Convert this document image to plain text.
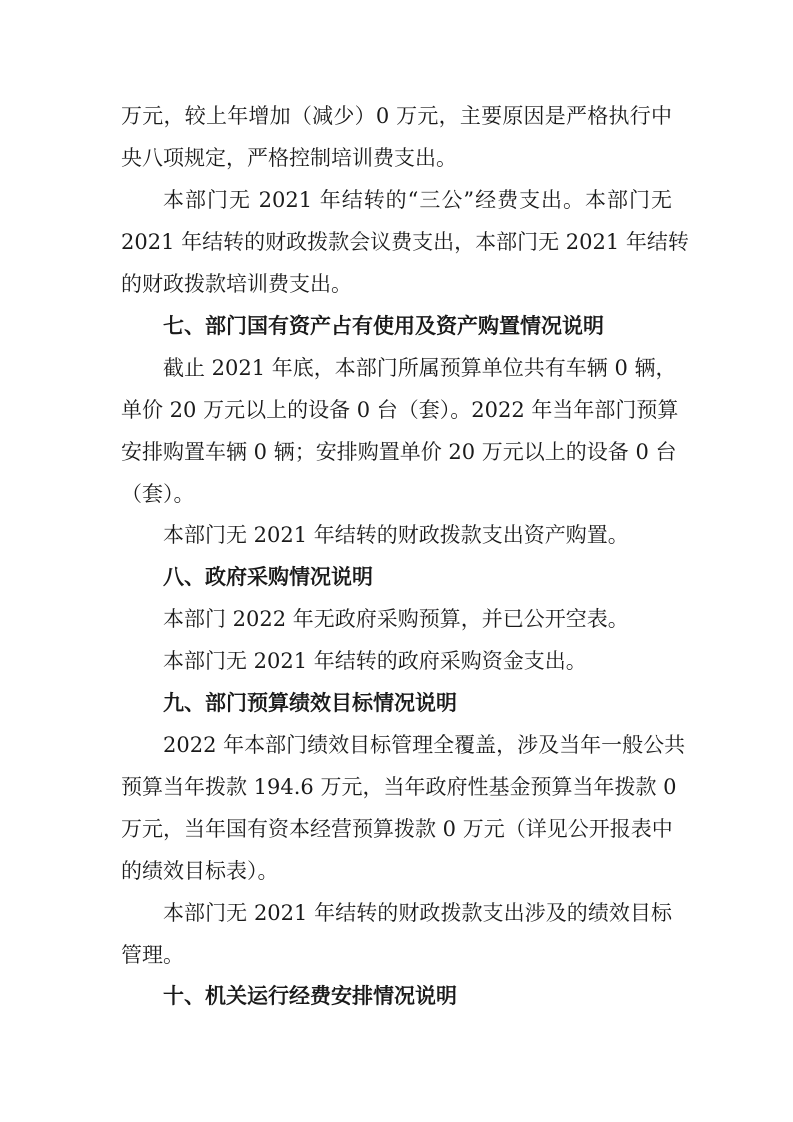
万元，较上年增加（减少）0 万元，主要原因是严格执行中
央八项规定，严格控制培训费支出。
本部门无 2021 年结转的“三公”经费支出。本部门无
2021 年结转的财政拨款会议费支出，本部门无 2021 年结转
的财政拨款培训费支出。
七、部门国有资产占有使用及资产购置情况说明
截止 2021 年底，本部门所属预算单位共有车辆 0 辆，
单价 20 万元以上的设备 0 台（套）。2022 年当年部门预算
安排购置车辆 0 辆；安排购置单价 20 万元以上的设备 0 台
（套）。
本部门无 2021 年结转的财政拨款支出资产购置。
八、政府采购情况说明
本部门 2022 年无政府采购预算，并已公开空表。
本部门无 2021 年结转的政府采购资金支出。
九、部门预算绩效目标情况说明
2022 年本部门绩效目标管理全覆盖，涉及当年一般公共
预算当年拨款 194.6 万元，当年政府性基金预算当年拨款 0
万元，当年国有资本经营预算拨款 0 万元（详见公开报表中
的绩效目标表）。
本部门无 2021 年结转的财政拨款支出涉及的绩效目标
管理。
十、机关运行经费安排情况说明
